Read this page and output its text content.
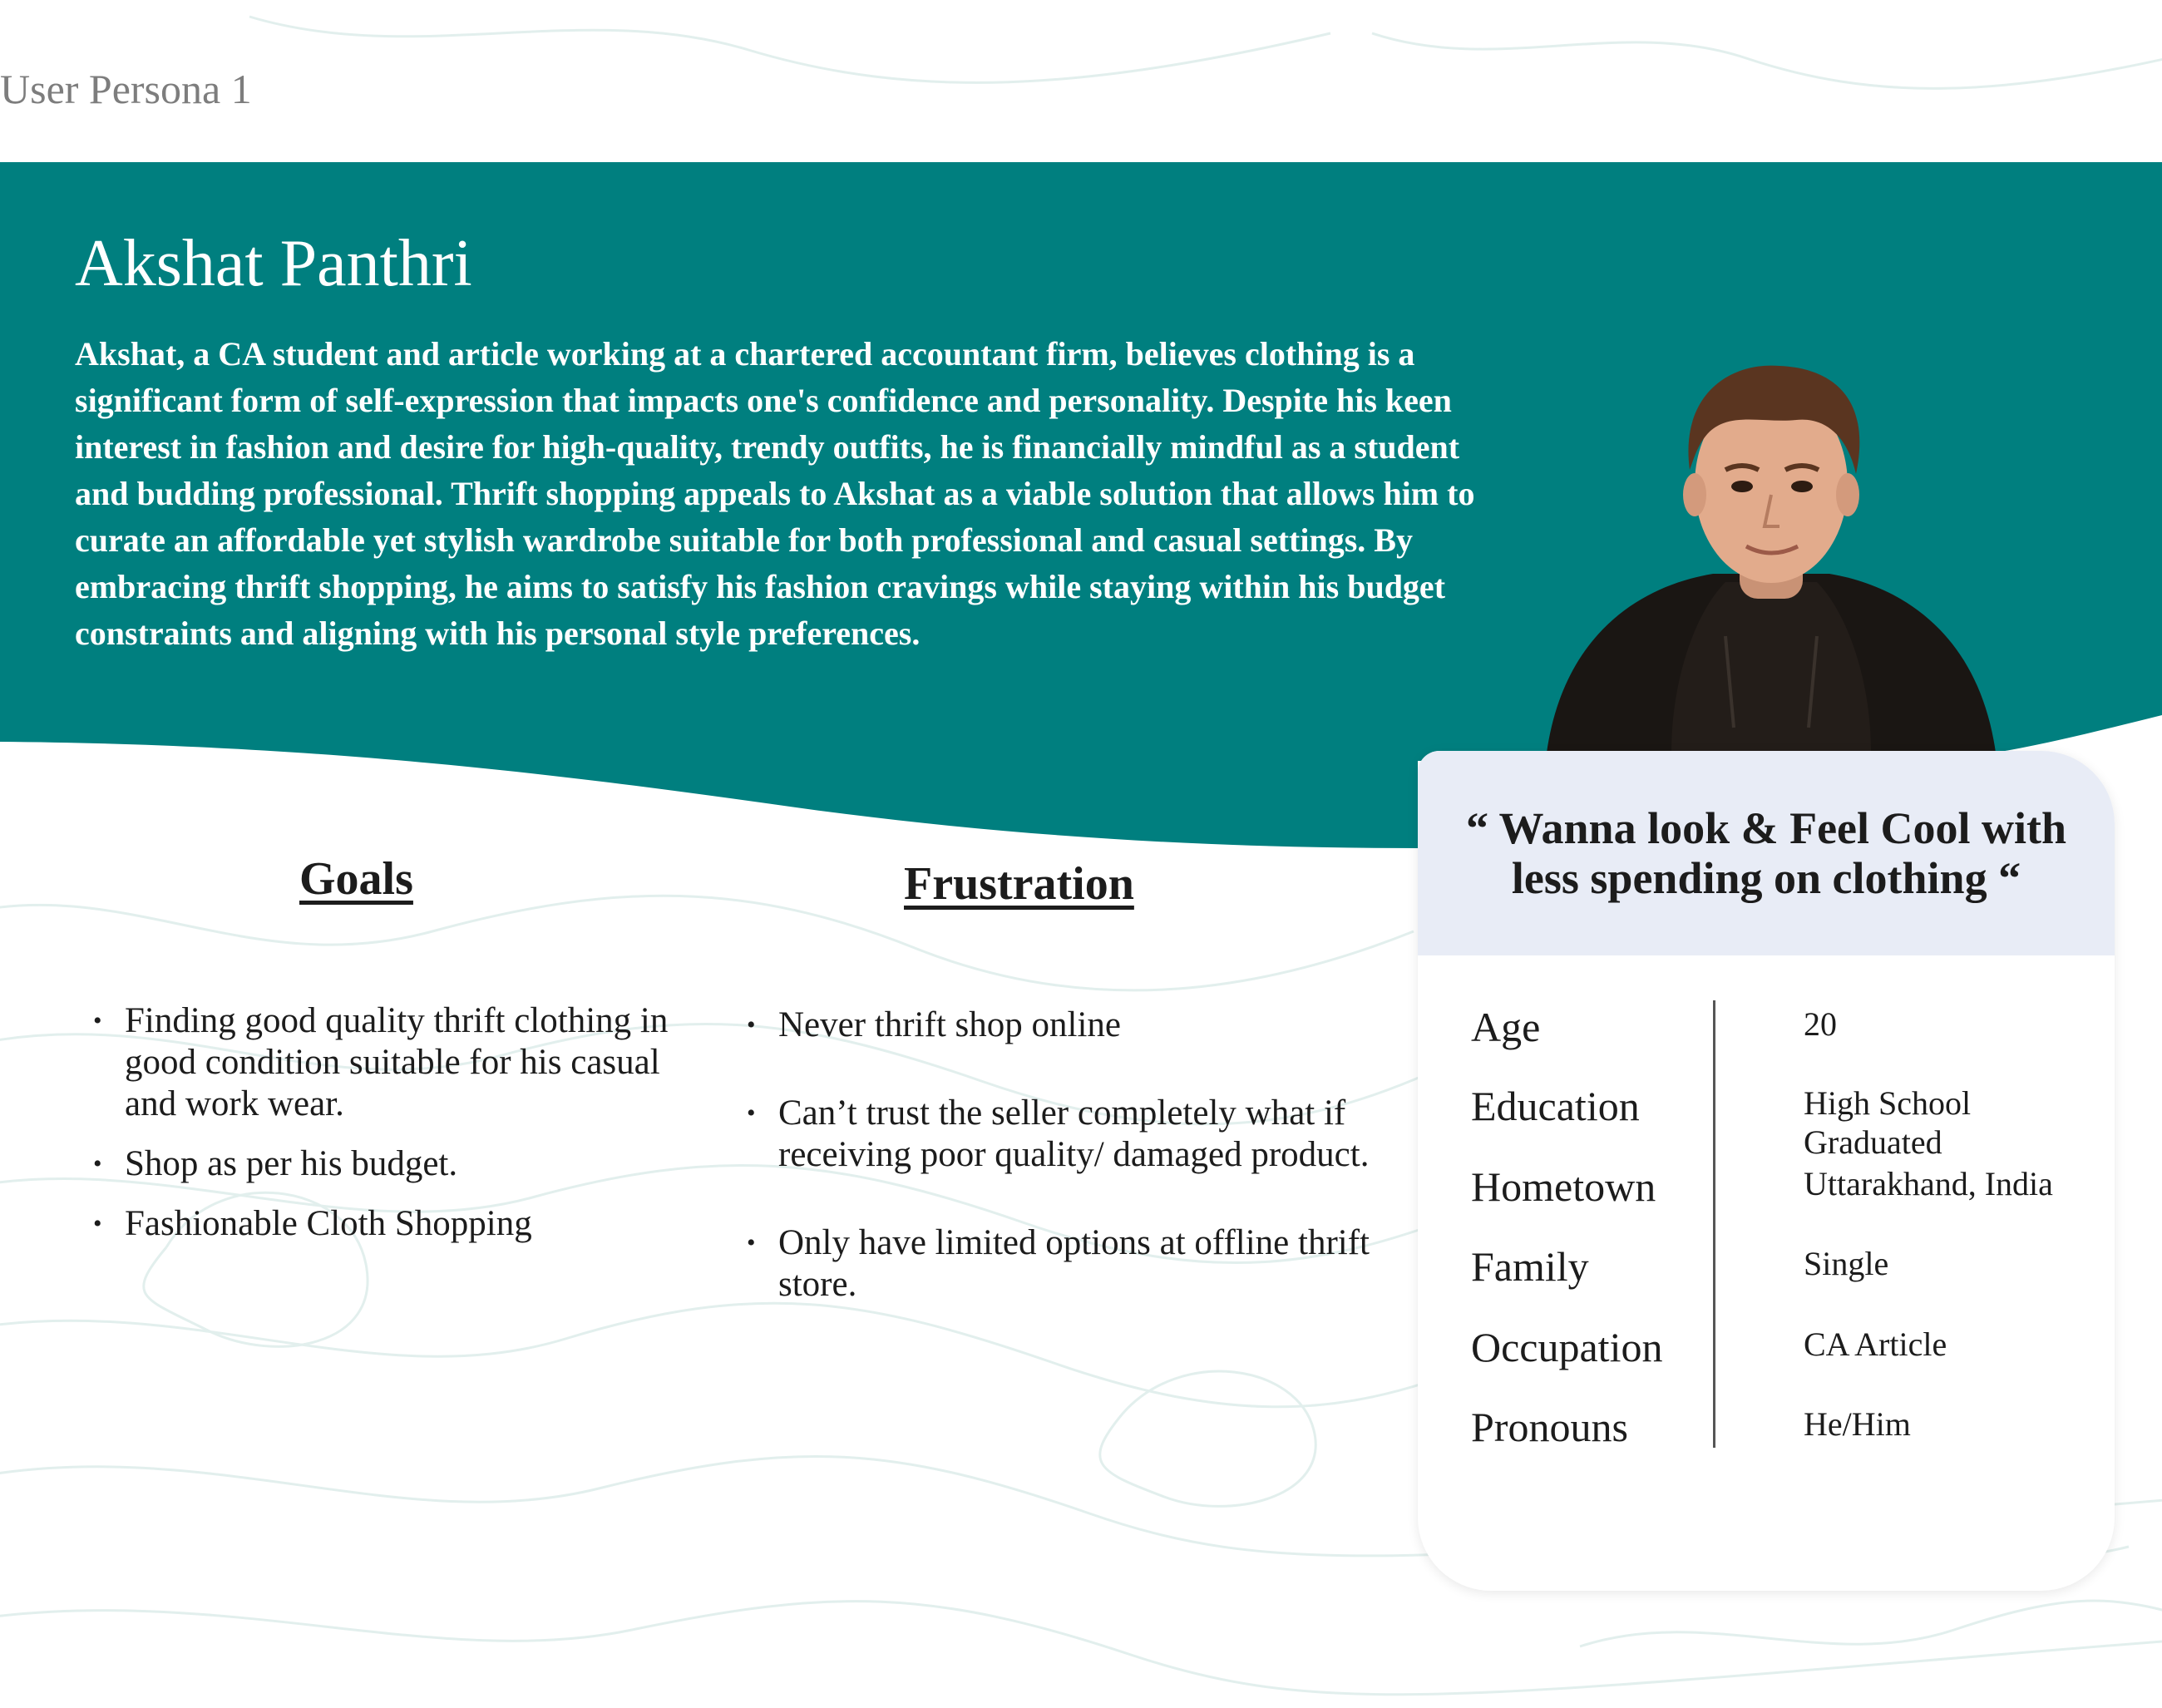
User Persona 1
Akshat Panthri

Akshat, a CA student and article working at a chartered accountant firm, believes clothing is a significant form of self-expression that impacts one's confidence and personality. Despite his keen interest in fashion and desire for high-quality, trendy outfits, he is financially mindful as a student and budding professional. Thrift shopping appeals to Akshat as a viable solution that allows him to curate an affordable yet stylish wardrobe suitable for both professional and casual settings. By embracing thrift shopping, he aims to satisfy his fashion cravings while staying within his budget constraints and aligning with his personal style preferences.

Goals
• Finding good quality thrift clothing in good condition suitable for his casual and work wear.
• Shop as per his budget.
• Fashionable Cloth Shopping
Frustration
• Never thrift shop online
• Can’t trust the seller completely what if receiving poor quality/ damaged product.
• Only have limited options at offline thrift store.
“ Wanna look & Feel Cool with
less spending on clothing “
Age	20
Education	High School Graduated
Hometown	Uttarakhand, India
Family	Single
Occupation	CA Article
Pronouns	He/Him
